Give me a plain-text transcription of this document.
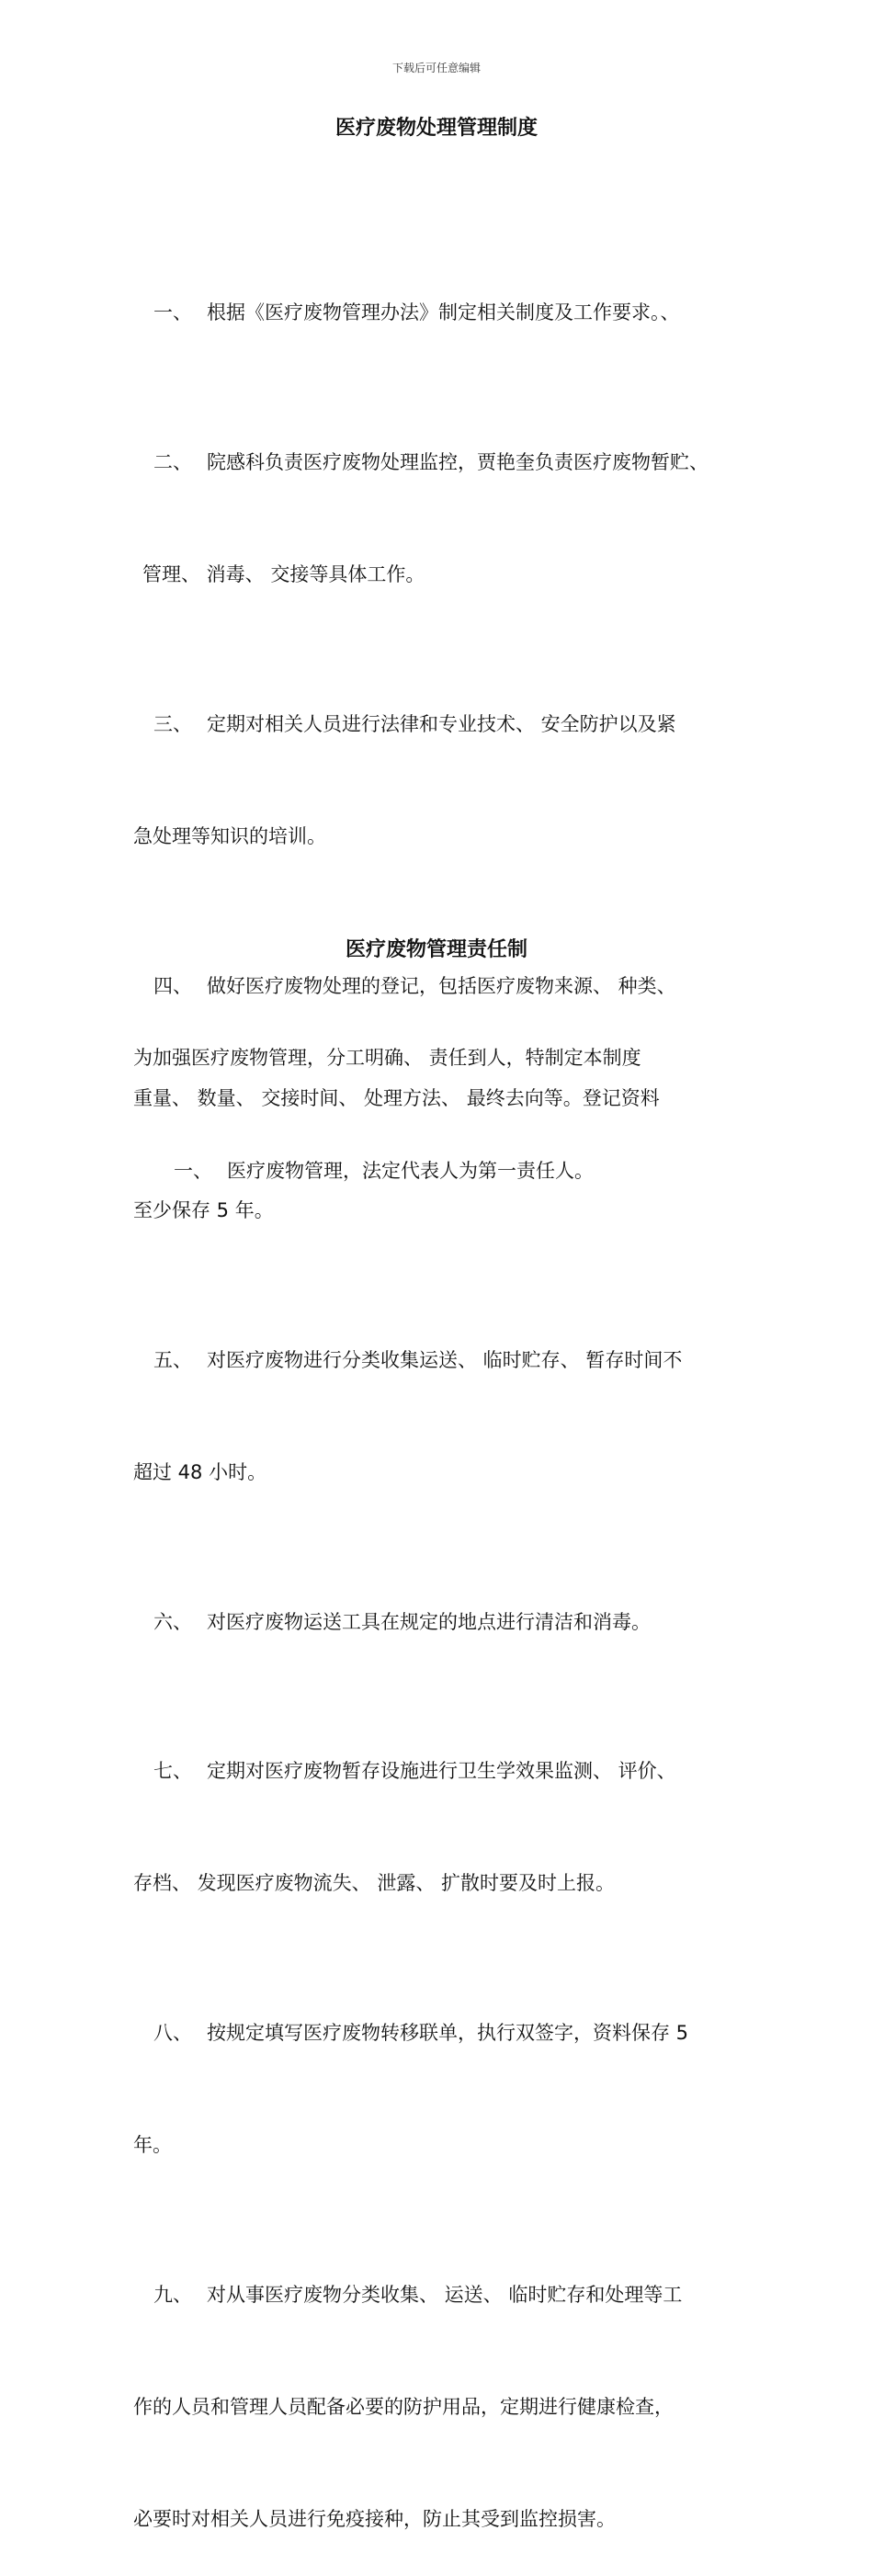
下载后可任意编辑
医疗废物处理管理制度

一、 根据《医疗废物管理办法》制定相关制度及工作要求。、

二、 院感科负责医疗废物处理监控，贾艳奎负责医疗废物暂贮、

管理、 消毒、 交接等具体工作。

三、 定期对相关人员进行法律和专业技术、 安全防护以及紧

急处理等知识的培训。

四、 做好医疗废物处理的登记，包括医疗废物来源、 种类、

重量、 数量、 交接时间、 处理方法、 最终去向等。登记资料

至少保存 5 年。

五、 对医疗废物进行分类收集运送、 临时贮存、 暂存时间不

超过 48 小时。

六、 对医疗废物运送工具在规定的地点进行清洁和消毒。

七、 定期对医疗废物暂存设施进行卫生学效果监测、 评价、

存档、 发现医疗废物流失、 泄露、 扩散时要及时上报。

八、 按规定填写医疗废物转移联单，执行双签字，资料保存 5

年。

九、 对从事医疗废物分类收集、 运送、 临时贮存和处理等工

作的人员和管理人员配备必要的防护用品，定期进行健康检查，

必要时对相关人员进行免疫接种，防止其受到监控损害。

医疗废物管理责任制

为加强医疗废物管理，分工明确、 责任到人，特制定本制度

一、 医疗废物管理，法定代表人为第一责任人。
